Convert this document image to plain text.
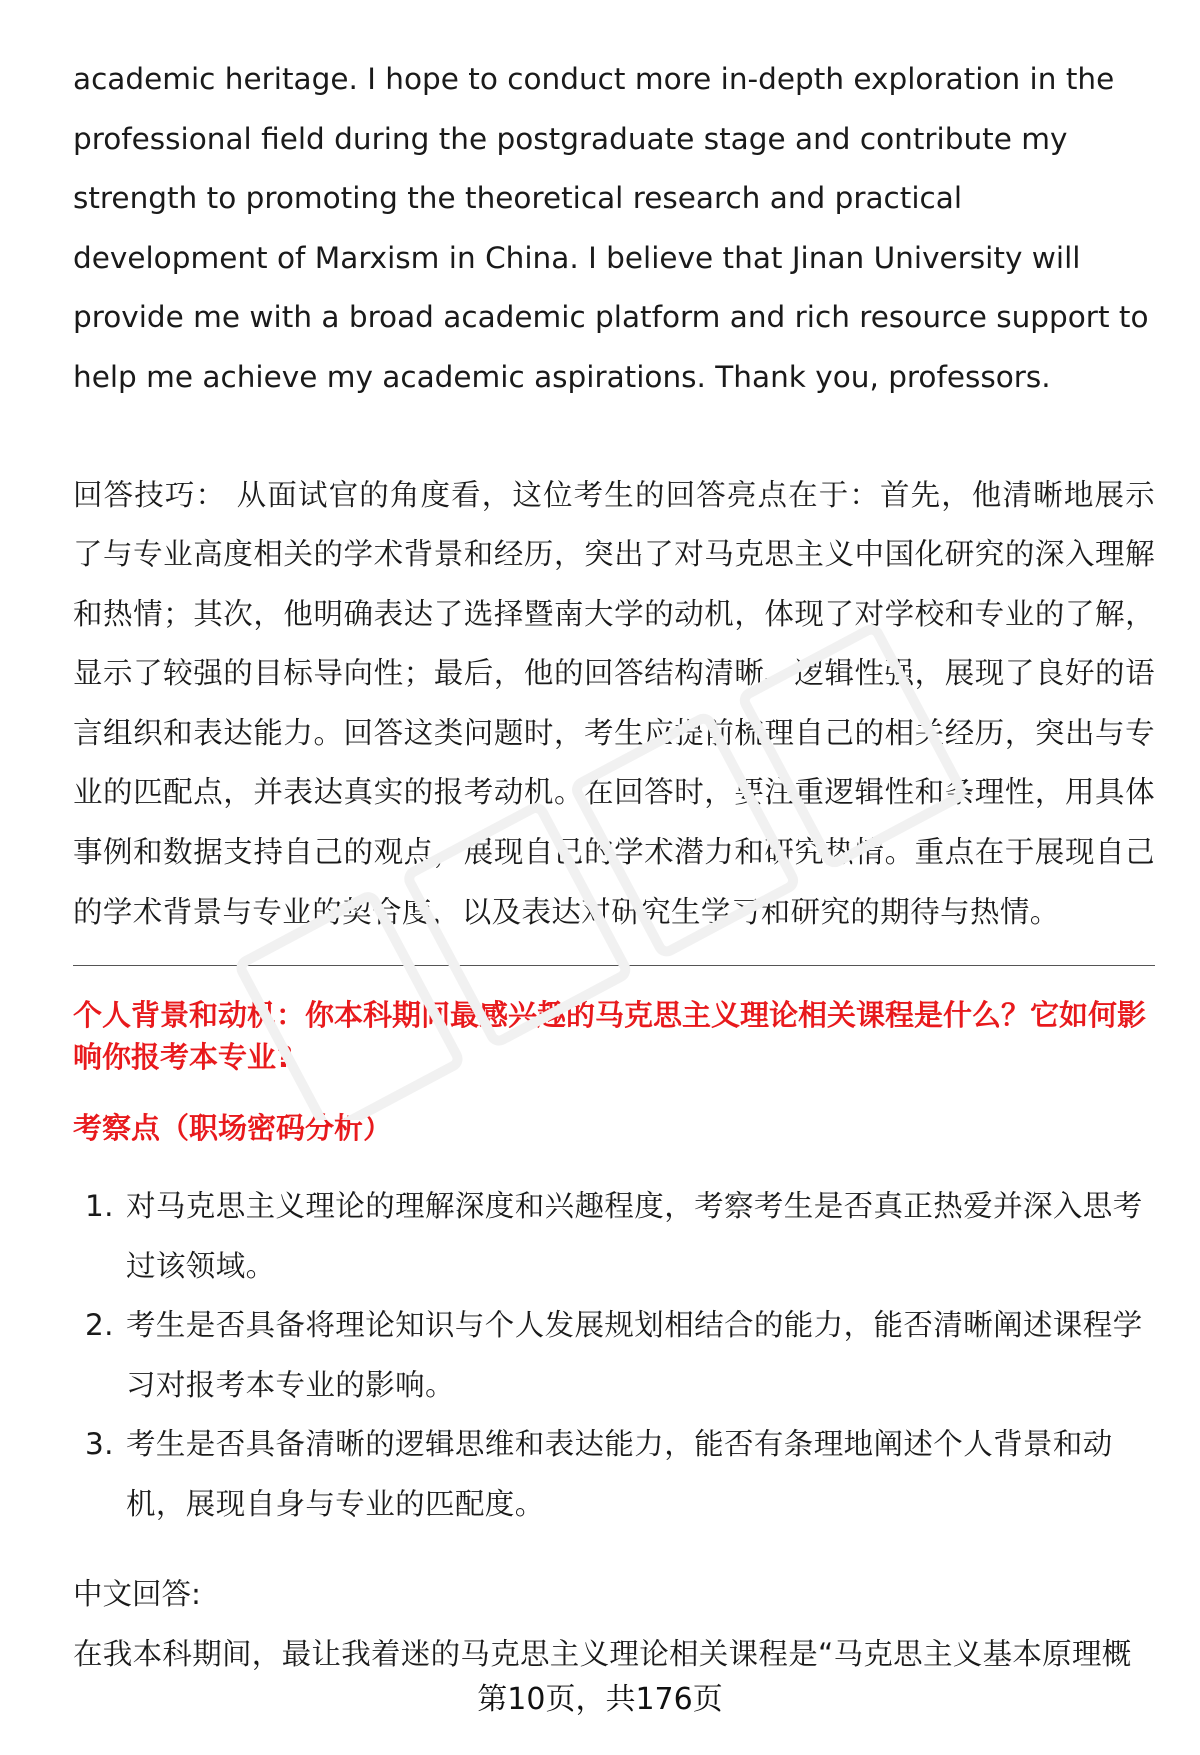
academic heritage. I hope to conduct more in-depth exploration in the professional field during the postgraduate stage and contribute my strength to promoting the theoretical research and practical development of Marxism in China. I believe that Jinan University will provide me with a broad academic platform and rich resource support to help me achieve my academic aspirations. Thank you, professors.

回答技巧： 从面试官的角度看，这位考生的回答亮点在于：首先，他清晰地展示了与专业高度相关的学术背景和经历，突出了对马克思主义中国化研究的深入理解和热情；其次，他明确表达了选择暨南大学的动机，体现了对学校和专业的了解，显示了较强的目标导向性；最后，他的回答结构清晰、逻辑性强，展现了良好的语言组织和表达能力。回答这类问题时，考生应提前梳理自己的相关经历，突出与专业的匹配点，并表达真实的报考动机。在回答时，要注重逻辑性和条理性，用具体事例和数据支持自己的观点，展现自己的学术潜力和研究热情。重点在于展现自己的学术背景与专业的契合度，以及表达对研究生学习和研究的期待与热情。

个人背景和动机：你本科期间最感兴趣的马克思主义理论相关课程是什么？它如何影响你报考本专业?
考察点（职场密码分析）
1. 对马克思主义理论的理解深度和兴趣程度，考察考生是否真正热爱并深入思考过该领域。
2. 考生是否具备将理论知识与个人发展规划相结合的能力，能否清晰阐述课程学习对报考本专业的影响。
3. 考生是否具备清晰的逻辑思维和表达能力，能否有条理地阐述个人背景和动机，展现自身与专业的匹配度。

中文回答:

在我本科期间，最让我着迷的马克思主义理论相关课程是“马克思主义基本原理概

第10页，共176页
